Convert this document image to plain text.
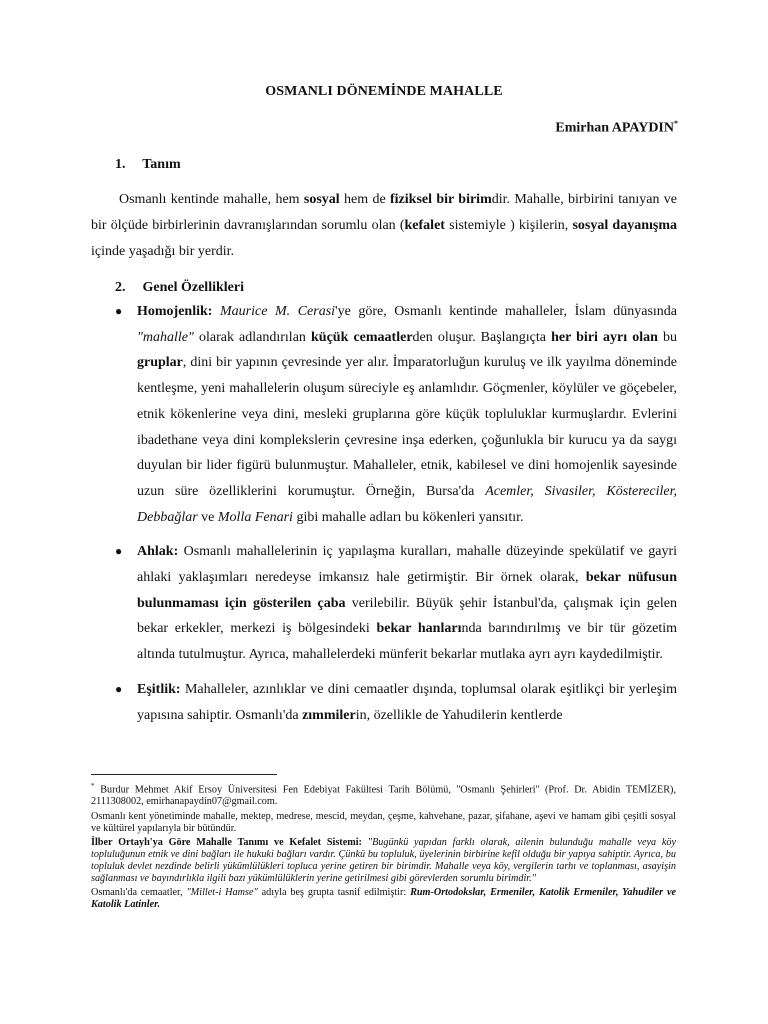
OSMANLI DÖNEMİNDE MAHALLE
Emirhan APAYDIN*
1. Tanım
Osmanlı kentinde mahalle, hem sosyal hem de fiziksel bir birimdir. Mahalle, birbirini tanıyan ve bir ölçüde birbirlerinin davranışlarından sorumlu olan (kefalet sistemiyle ) kişilerin, sosyal dayanışma içinde yaşadığı bir yerdir.
2. Genel Özellikleri
● Homojenlik: Maurice M. Cerasi'ye göre, Osmanlı kentinde mahalleler, İslam dünyasında "mahalle" olarak adlandırılan küçük cemaatlerden oluşur. Başlangıçta her biri ayrı olan bu gruplar, dini bir yapının çevresinde yer alır. İmparatorluğun kuruluş ve ilk yayılma döneminde kentleşme, yeni mahallelerin oluşum süreciyle eş anlamlıdır. Göçmenler, köylüler ve göçebeler, etnik kökenlerine veya dini, mesleki gruplarına göre küçük topluluklar kurmuşlardır. Evlerini ibadethane veya dini komplekslerin çevresine inşa ederken, çoğunlukla bir kurucu ya da saygı duyulan bir lider figürü bulunmuştur. Mahalleler, etnik, kabilesel ve dini homojenlik sayesinde uzun süre özelliklerini korumuştur. Örneğin, Bursa'da Acemler, Sivasiler, Köstereciler, Debbağlar ve Molla Fenari gibi mahalle adları bu kökenleri yansıtır.
● Ahlak: Osmanlı mahallelerinin iç yapılaşma kuralları, mahalle düzeyinde spekülatif ve gayri ahlaki yaklaşımları neredeyse imkansız hale getirmiştir. Bir örnek olarak, bekar nüfusun bulunmaması için gösterilen çaba verilebilir. Büyük şehir İstanbul'da, çalışmak için gelen bekar erkekler, merkezi iş bölgesindeki bekar hanlarında barındırılmış ve bir tür gözetim altında tutulmuştur. Ayrıca, mahallelerdeki münferit bekarlar mutlaka ayrı ayrı kaydedilmiştir.
● Eşitlik: Mahalleler, azınlıklar ve dini cemaatler dışında, toplumsal olarak eşitlikçi bir yerleşim yapısına sahiptir. Osmanlı'da zımmilerin, özellikle de Yahudilerin kentlerde

* Burdur Mehmet Akif Ersoy Üniversitesi Fen Edebiyat Fakültesi Tarih Bölümü, ''Osmanlı Şehirleri'' (Prof. Dr. Abidin TEMİZER), 2111308002, emirhanapaydin07@gmail.com.

Osmanlı kent yönetiminde mahalle, mektep, medrese, mescid, meydan, çeşme, kahvehane, pazar, şifahane, aşevi ve hamam gibi çeşitli sosyal ve kültürel yapılarıyla bir bütündür.

İlber Ortaylı'ya Göre Mahalle Tanımı ve Kefalet Sistemi: ''Bugünkü yapıdan farklı olarak, ailenin bulunduğu mahalle veya köy topluluğunun etnik ve dini bağları ile hukuki bağları vardır. Çünkü bu topluluk, üyelerinin birbirine kefil olduğu bir yapıya sahiptir. Ayrıca, bu topluluk devlet nezdinde belirli yükümlülükleri topluca yerine getiren bir birimdir. Mahalle veya köy, vergilerin tarhı ve toplanması, asayişin sağlanması ve bayındırlıkla ilgili bazı yükümlülüklerin yerine getirilmesi gibi görevlerden sorumlu birimdir.''

Osmanlı'da cemaatler, "Millet-i Hamse" adıyla beş grupta tasnif edilmiştir: Rum-Ortodokslar, Ermeniler, Katolik Ermeniler, Yahudiler ve Katolik Latinler.
